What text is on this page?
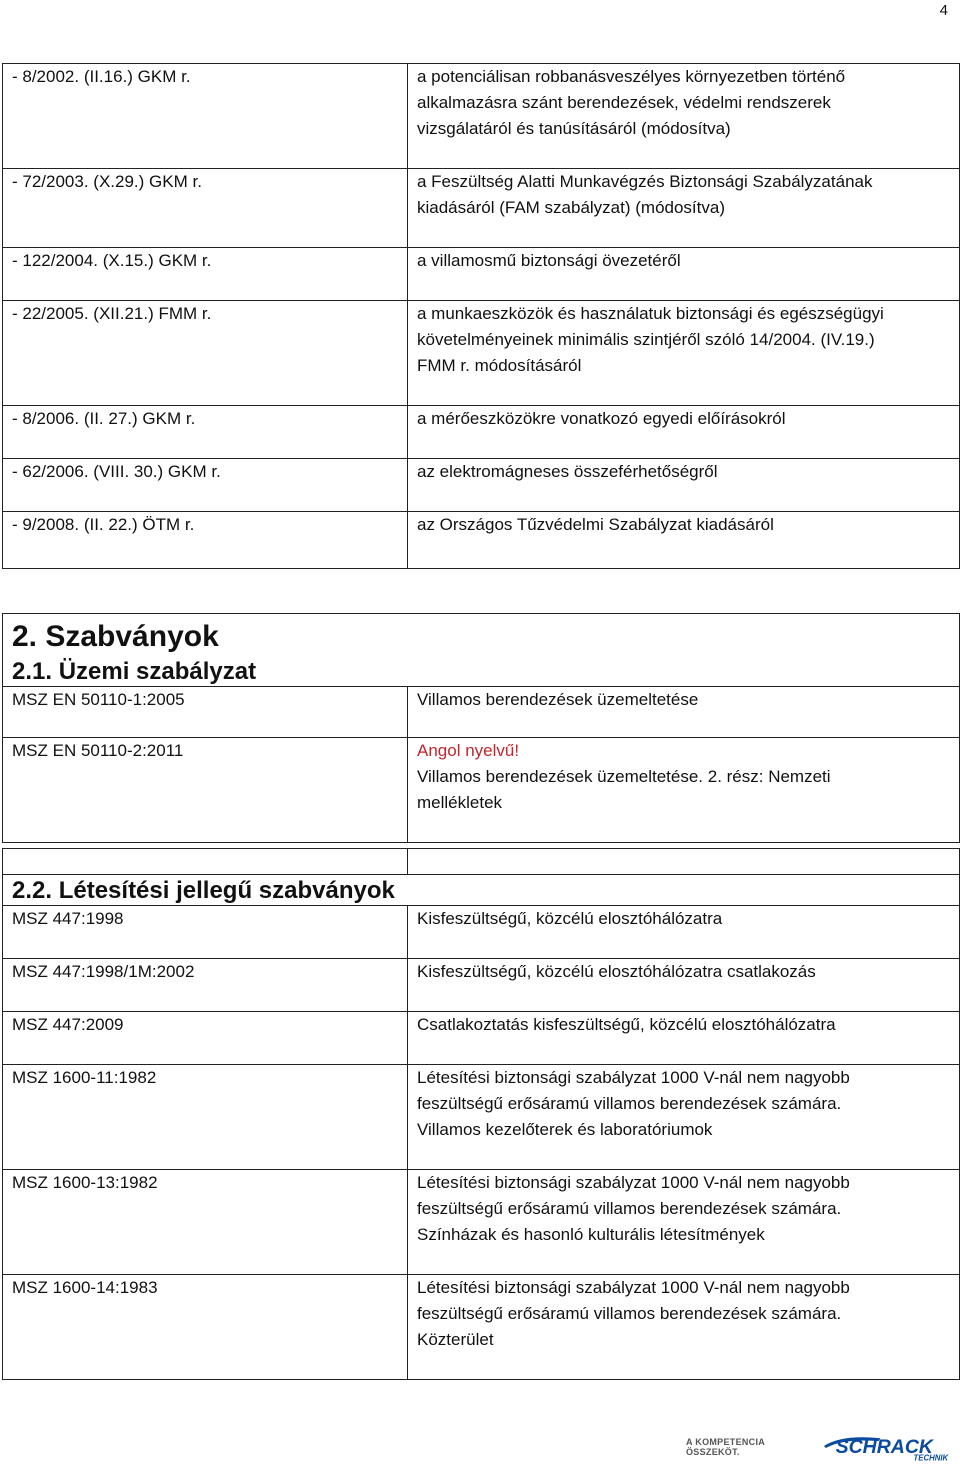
4
- 8/2002. (II.16.) GKM r.	a potenciálisan robbanásveszélyes környezetben történő
alkalmazásra szánt berendezések, védelmi rendszerek
vizsgálatáról és tanúsításáról (módosítva)

- 72/2003. (X.29.) GKM r.	a Feszültség Alatti Munkavégzés Biztonsági Szabályzatának
kiadásáról (FAM szabályzat) (módosítva)

- 122/2004. (X.15.) GKM r.	a villamosmű biztonsági övezetéről

- 22/2005. (XII.21.) FMM r.	a munkaeszközök és használatuk biztonsági és egészségügyi
követelményeinek minimális szintjéről szóló 14/2004. (IV.19.)
FMM r. módosításáról

- 8/2006. (II. 27.) GKM r.	a mérőeszközökre vonatkozó egyedi előírásokról

- 62/2006. (VIII. 30.) GKM r.	az elektromágneses összeférhetőségről

- 9/2008. (II. 22.) ÖTM r.	az Országos Tűzvédelmi Szabályzat kiadásáról
2. Szabványok
2.1. Üzemi szabályzat	

MSZ EN 50110-1:2005	Villamos berendezések üzemeltetése

MSZ EN 50110-2:2011	Angol nyelvű!
Villamos berendezések üzemeltetése. 2. rész: Nemzeti
mellékletek

2.2. Létesítési jellegű szabványok	

MSZ 447:1998	Kisfeszültségű, közcélú elosztóhálózatra

MSZ 447:1998/1M:2002	Kisfeszültségű, közcélú elosztóhálózatra csatlakozás

MSZ 447:2009	Csatlakoztatás kisfeszültségű, közcélú elosztóhálózatra

MSZ 1600-11:1982	Létesítési biztonsági szabályzat 1000 V-nál nem nagyobb
feszültségű erősáramú villamos berendezések számára.
Villamos kezelőterek és laboratóriumok

MSZ 1600-13:1982	Létesítési biztonsági szabályzat 1000 V-nál nem nagyobb
feszültségű erősáramú villamos berendezések számára.
Színházak és hasonló kulturális létesítmények

MSZ 1600-14:1983	Létesítési biztonsági szabályzat 1000 V-nál nem nagyobb
feszültségű erősáramú villamos berendezések számára.
Közterület
A KOMPETENCIA ÖSSZEKÖT.	SCHRACK
TECHNIK
